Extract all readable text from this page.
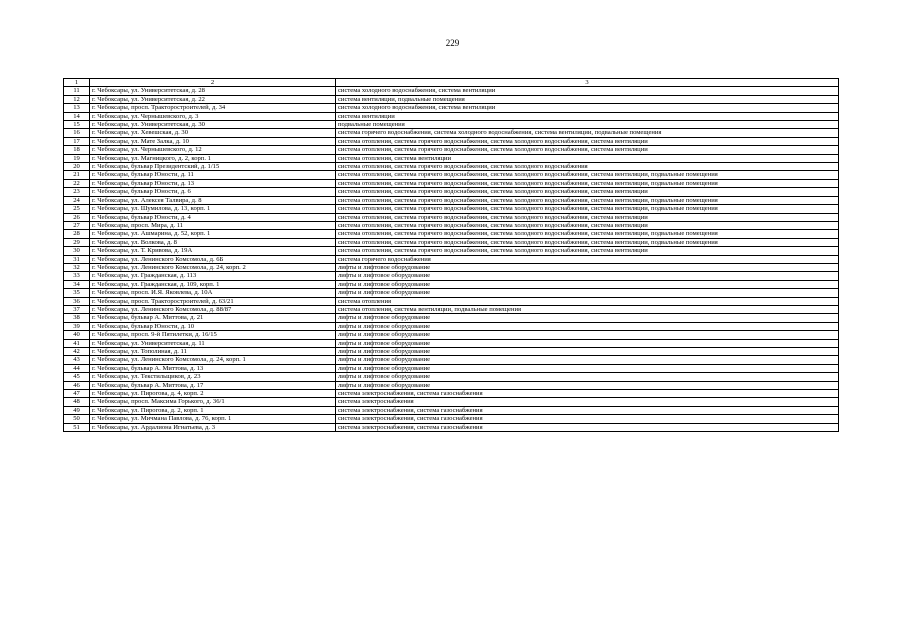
229
1	2	3
11	г. Чебоксары, ул. Университетская, д. 28	система холодного водоснабжения, система вентиляции
12	г. Чебоксары, ул. Университетская, д. 22	система вентиляции, подвальные помещения
13	г. Чебоксары, просп. Тракторостроителей, д. 34	система холодного водоснабжения, система вентиляции
14	г. Чебоксары, ул. Чернышевского, д. 3	система вентиляции
15	г. Чебоксары, ул. Университетская, д. 30	подвальные помещения
16	г. Чебоксары, ул. Хевешская, д. 30	система горячего водоснабжения, система холодного водоснабжения, система вентиляции, подвальные помещения
17	г. Чебоксары, ул. Мате Залка, д. 10	система отопления, система горячего водоснабжения, система холодного водоснабжения, система вентиляции
18	г. Чебоксары, ул. Чернышевского, д. 12	система отопления, система горячего водоснабжения, система холодного водоснабжения, система вентиляции
19	г. Чебоксары, ул. Магницкого, д. 2, корп. 1	система отопления, система вентиляции
20	г. Чебоксары, бульвар Президентский, д. 1/15	система отопления, система горячего водоснабжения, система холодного водоснабжения
21	г. Чебоксары, бульвар Юности, д. 11	система отопления, система горячего водоснабжения, система холодного водоснабжения, система вентиляции, подвальные помещения
22	г. Чебоксары, бульвар Юности, д. 13	система отопления, система горячего водоснабжения, система холодного водоснабжения, система вентиляции, подвальные помещения
23	г. Чебоксары, бульвар Юности, д. 6	система отопления, система горячего водоснабжения, система холодного водоснабжения, система вентиляции
24	г. Чебоксары, ул. Алексея Талвира, д. 8	система отопления, система горячего водоснабжения, система холодного водоснабжения, система вентиляции, подвальные помещения
25	г. Чебоксары, ул. Шумилова, д. 13, корп. 1	система отопления, система горячего водоснабжения, система холодного водоснабжения, система вентиляции, подвальные помещения
26	г. Чебоксары, бульвар Юности, д. 4	система отопления, система горячего водоснабжения, система холодного водоснабжения, система вентиляции
27	г. Чебоксары, просп. Мира, д. 11	система отопления, система горячего водоснабжения, система холодного водоснабжения, система вентиляции
28	г. Чебоксары, ул. Ашмарина, д. 52, корп. 1	система отопления, система горячего водоснабжения, система холодного водоснабжения, система вентиляции, подвальные помещения
29	г. Чебоксары, ул. Волкова, д. 8	система отопления, система горячего водоснабжения, система холодного водоснабжения, система вентиляции, подвальные помещения
30	г. Чебоксары, ул. Т. Кривова, д. 19А	система отопления, система горячего водоснабжения, система холодного водоснабжения, система вентиляции
31	г. Чебоксары, ул. Ленинского Комсомола, д. 6Б	система горячего водоснабжения
32	г. Чебоксары, ул. Ленинского Комсомола, д. 24, корп. 2	лифты и лифтовое оборудование
33	г. Чебоксары, ул. Гражданская, д. 113	лифты и лифтовое оборудование
34	г. Чебоксары, ул. Гражданская, д. 109, корп. 1	лифты и лифтовое оборудование
35	г. Чебоксары, просп. И.Я. Яковлева, д. 10А	лифты и лифтовое оборудование
36	г. Чебоксары, просп. Тракторостроителей, д. 63/21	система отопления
37	г. Чебоксары, ул. Ленинского Комсомола, д. 88/87	система отопления, система вентиляции, подвальные помещения
38	г. Чебоксары, бульвар А. Миттова, д. 21	лифты и лифтовое оборудование
39	г. Чебоксары, бульвар Юности, д. 10	лифты и лифтовое оборудование
40	г. Чебоксары, просп. 9-й Пятилетки, д. 16/15	лифты и лифтовое оборудование
41	г. Чебоксары, ул. Университетская, д. 11	лифты и лифтовое оборудование
42	г. Чебоксары, ул. Тополиная, д. 11	лифты и лифтовое оборудование
43	г. Чебоксары, ул. Ленинского Комсомола, д. 24, корп. 1	лифты и лифтовое оборудование
44	г. Чебоксары, бульвар А. Миттова, д. 13	лифты и лифтовое оборудование
45	г. Чебоксары, ул. Текстильщиков, д. 23	лифты и лифтовое оборудование
46	г. Чебоксары, бульвар А. Миттова, д. 17	лифты и лифтовое оборудование
47	г. Чебоксары, ул. Пирогова, д. 4, корп. 2	система электроснабжения, система газоснабжения
48	г. Чебоксары, просп. Максима Горького, д. 36/1	система электроснабжения
49	г. Чебоксары, ул. Пирогова, д. 2, корп. 1	система электроснабжения, система газоснабжения
50	г. Чебоксары, ул. Мичмана Павлова, д. 76, корп. 1	система электроснабжения, система газоснабжения
51	г. Чебоксары, ул. Ардалиона Игнатьева, д. 3	система электроснабжения, система газоснабжения
